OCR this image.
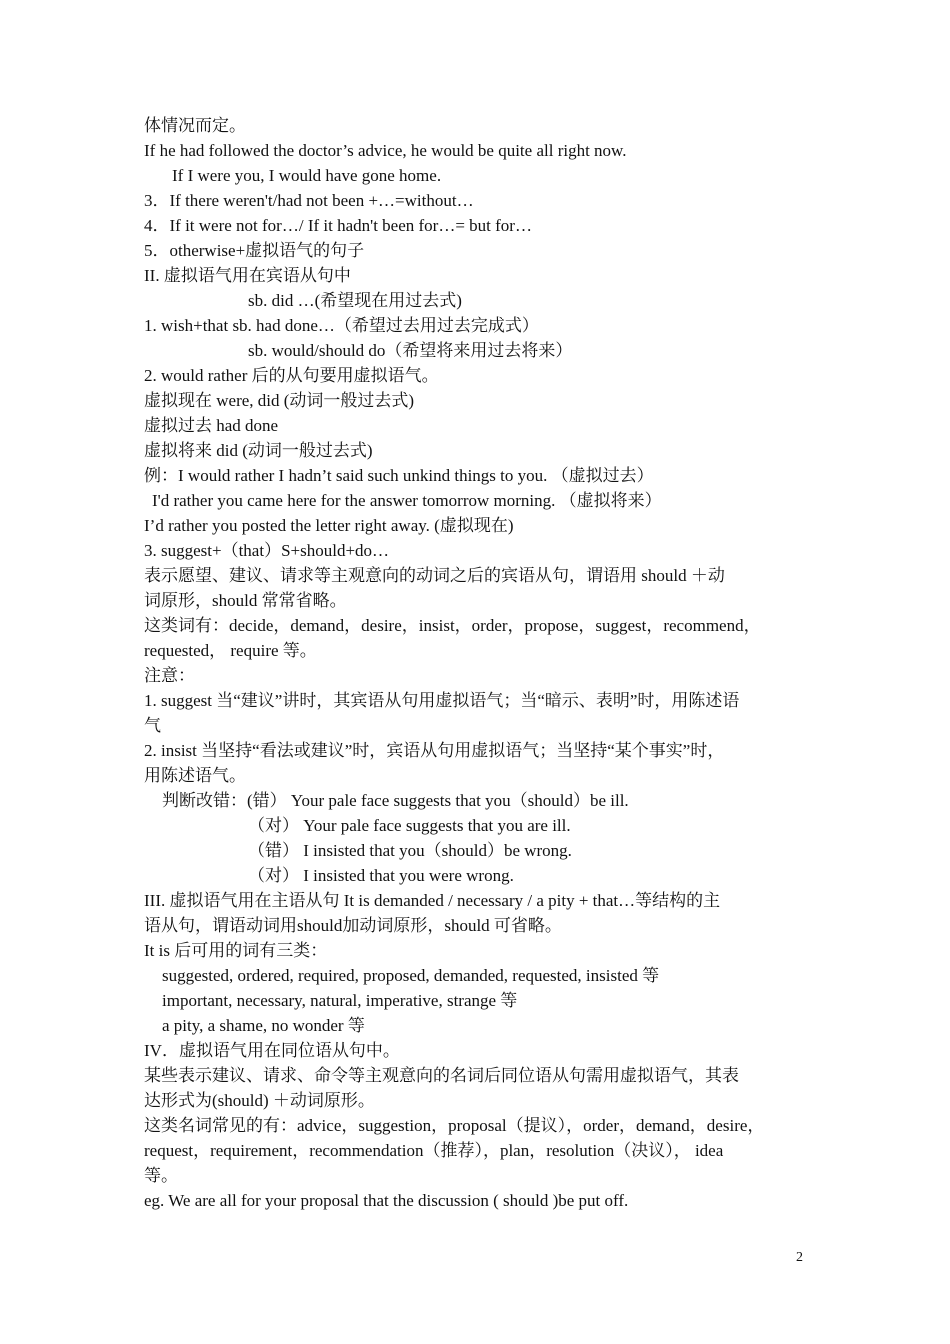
体情况而定。
If he had followed the doctor’s advice, he would be quite all right now.
If I were you, I would have gone home.
3．If there weren't/had not been +…=without…
4．If it were not for…/ If it hadn't been for…= but for…
5．otherwise+虚拟语气的句子
II. 虚拟语气用在宾语从句中
sb. did …(希望现在用过去式)
1. wish+that sb. had done…（希望过去用过去完成式）
sb. would/should do（希望将来用过去将来）
2. would rather 后的从句要用虚拟语气。
虚拟现在 were, did (动词一般过去式)
虚拟过去 had done
虚拟将来 did (动词一般过去式)
例：I would rather I hadn’t said such unkind things to you. （虚拟过去）
I'd rather you came here for the answer tomorrow morning. （虚拟将来）
I’d rather you posted the letter right away. (虚拟现在)
3. suggest+（that）S+should+do…
表示愿望、建议、请求等主观意向的动词之后的宾语从句，谓语用 should ＋动
词原形，should 常常省略。
这类词有：decide，demand，desire，insist，order，propose，suggest，recommend，
requested， require 等。
注意：
1. suggest 当“建议”讲时，其宾语从句用虚拟语气；当“暗示、表明”时，用陈述语
气
2. insist 当坚持“看法或建议”时，宾语从句用虚拟语气；当坚持“某个事实”时，
用陈述语气。
判断改错：(错） Your pale face suggests that you（should）be ill.
（对） Your pale face suggests that you are ill.
（错） I insisted that you（should）be wrong.
（对） I insisted that you were wrong.
III. 虚拟语气用在主语从句 It is demanded / necessary / a pity + that…等结构的主
语从句，谓语动词用should加动词原形，should 可省略。
It is 后可用的词有三类：
suggested, ordered, required, proposed, demanded, requested, insisted 等
important, necessary, natural, imperative, strange 等
a pity, a shame, no wonder 等
IV．虚拟语气用在同位语从句中。
某些表示建议、请求、命令等主观意向的名词后同位语从句需用虚拟语气，其表
达形式为(should) ＋动词原形。
这类名词常见的有：advice，suggestion，proposal（提议），order，demand，desire，
request，requirement，recommendation（推荐），plan，resolution（决议）， idea
等。
eg. We are all for your proposal that the discussion ( should )be put off.
2
